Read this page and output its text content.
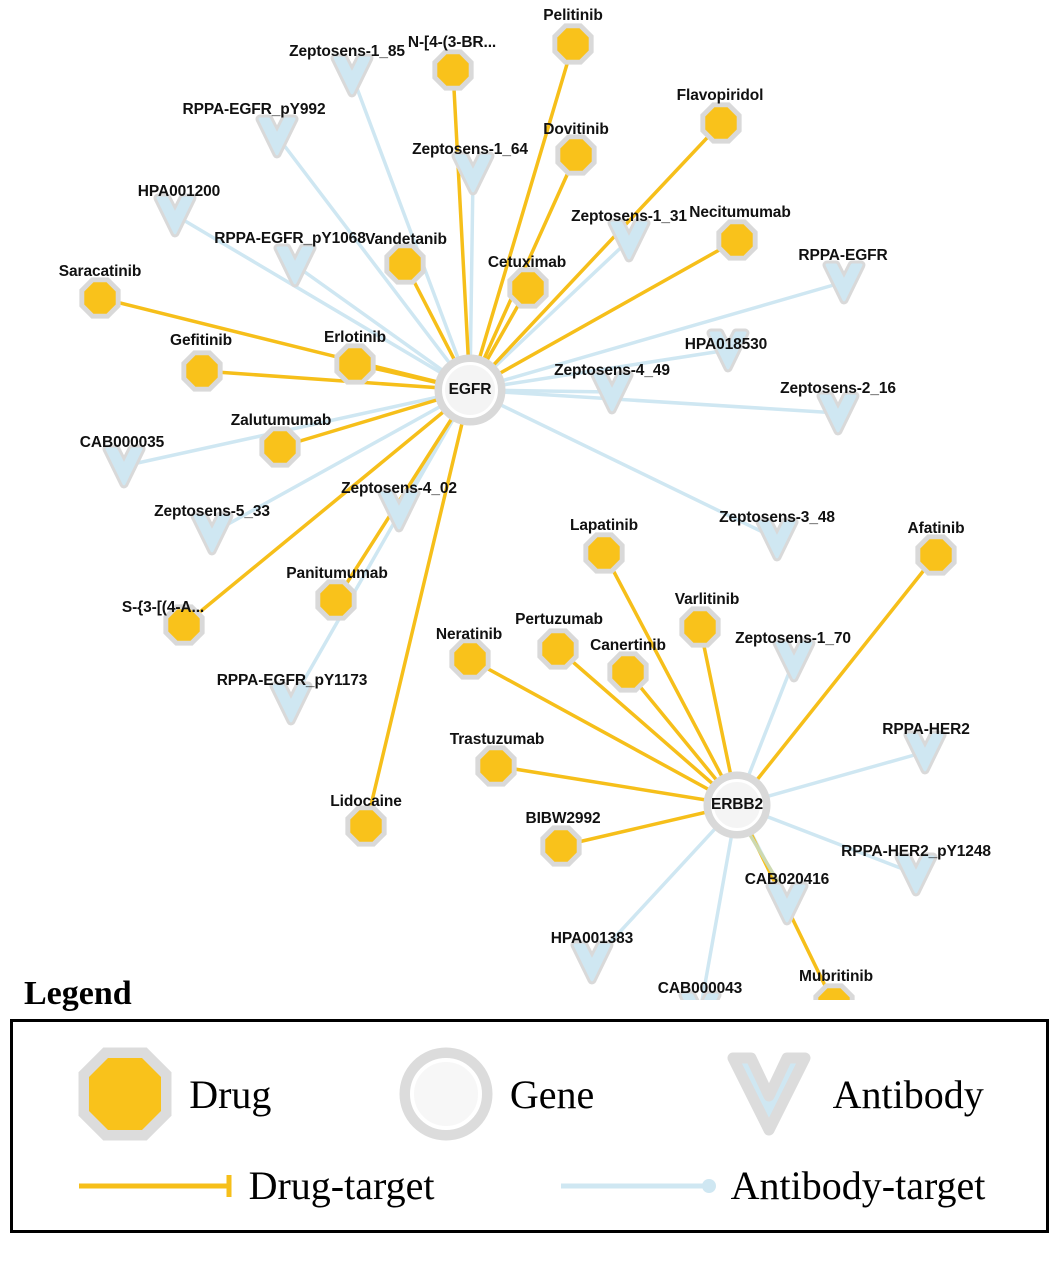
Zeptosens-1_85
RPPA-EGFR_pY992
Zeptosens-1_64
HPA001200
Zeptosens-1_31
RPPA-EGFR_pY1068
RPPA-EGFR
HPA018530
Zeptosens-4_49
Zeptosens-2_16
CAB000035
Zeptosens-4_02
Zeptosens-5_33	Zeptosens-3_48
Zeptosens-1_70
RPPA-EGFR_pY1173
RPPA-HER2
RPPA-HER2_pY1248
CAB020416
HPA001383
CAB000043
Pelitinib
N-[4-(3-BR...
Flavopiridol
Dovitinib
Necitumumab
Vandetanib
Cetuximab
Saracatinib
Erlotinib
Gefitinib
Zalutumumab
Lapatinib	Afatinib
Panitumumab
S-{3-[(4-A...	Varlitinib
Neratinib
Pertuzumab
Canertinib
Trastuzumab
Lidocaine
BIBW2992
Mubritinib
EGFR
ERBB2
Legend
Drug	Gene	Antibody
Drug-target	Antibody-target
